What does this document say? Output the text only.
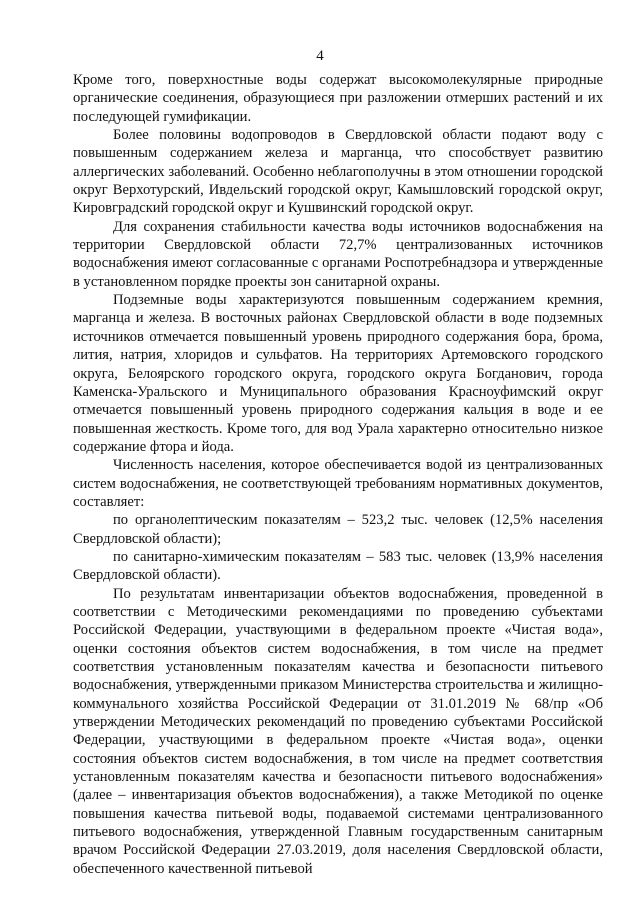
4

Кроме того, поверхностные воды содержат высокомолекулярные природные органические соединения, образующиеся при разложении отмерших растений и их последующей гумификации.

Более половины водопроводов в Свердловской области подают воду с повышенным содержанием железа и марганца, что способствует развитию аллергических заболеваний. Особенно неблагополучны в этом отношении городской округ Верхотурский, Ивдельский городской округ, Камышловский городской округ, Кировградский городской округ и Кушвинский городской округ.

Для сохранения стабильности качества воды источников водоснабжения на территории Свердловской области 72,7% централизованных источников водоснабжения имеют согласованные с органами Роспотребнадзора и утвержденные в установленном порядке проекты зон санитарной охраны.

Подземные воды характеризуются повышенным содержанием кремния, марганца и железа. В восточных районах Свердловской области в воде подземных источников отмечается повышенный уровень природного содержания бора, брома, лития, натрия, хлоридов и сульфатов. На территориях Артемовского городского округа, Белоярского городского округа, городского округа Богданович, города Каменска-Уральского и Муниципального образования Красноуфимский округ отмечается повышенный уровень природного содержания кальция в воде и ее повышенная жесткость. Кроме того, для вод Урала характерно относительно низкое содержание фтора и йода.

Численность населения, которое обеспечивается водой из централизованных систем водоснабжения, не соответствующей требованиям нормативных документов, составляет:

по органолептическим показателям – 523,2 тыс. человек (12,5% населения Свердловской области);

по санитарно-химическим показателям – 583 тыс. человек (13,9% населения Свердловской области).

По результатам инвентаризации объектов водоснабжения, проведенной в соответствии с Методическими рекомендациями по проведению субъектами Российской Федерации, участвующими в федеральном проекте «Чистая вода», оценки состояния объектов систем водоснабжения, в том числе на предмет соответствия установленным показателям качества и безопасности питьевого водоснабжения, утвержденными приказом Министерства строительства и жилищно-коммунального хозяйства Российской Федерации от 31.01.2019 № 68/пр «Об утверждении Методических рекомендаций по проведению субъектами Российской Федерации, участвующими в федеральном проекте «Чистая вода», оценки состояния объектов систем водоснабжения, в том числе на предмет соответствия установленным показателям качества и безопасности питьевого водоснабжения» (далее – инвентаризация объектов водоснабжения), а также Методикой по оценке повышения качества питьевой воды, подаваемой системами централизованного питьевого водоснабжения, утвержденной Главным государственным санитарным врачом Российской Федерации 27.03.2019, доля населения Свердловской области, обеспеченного качественной питьевой
